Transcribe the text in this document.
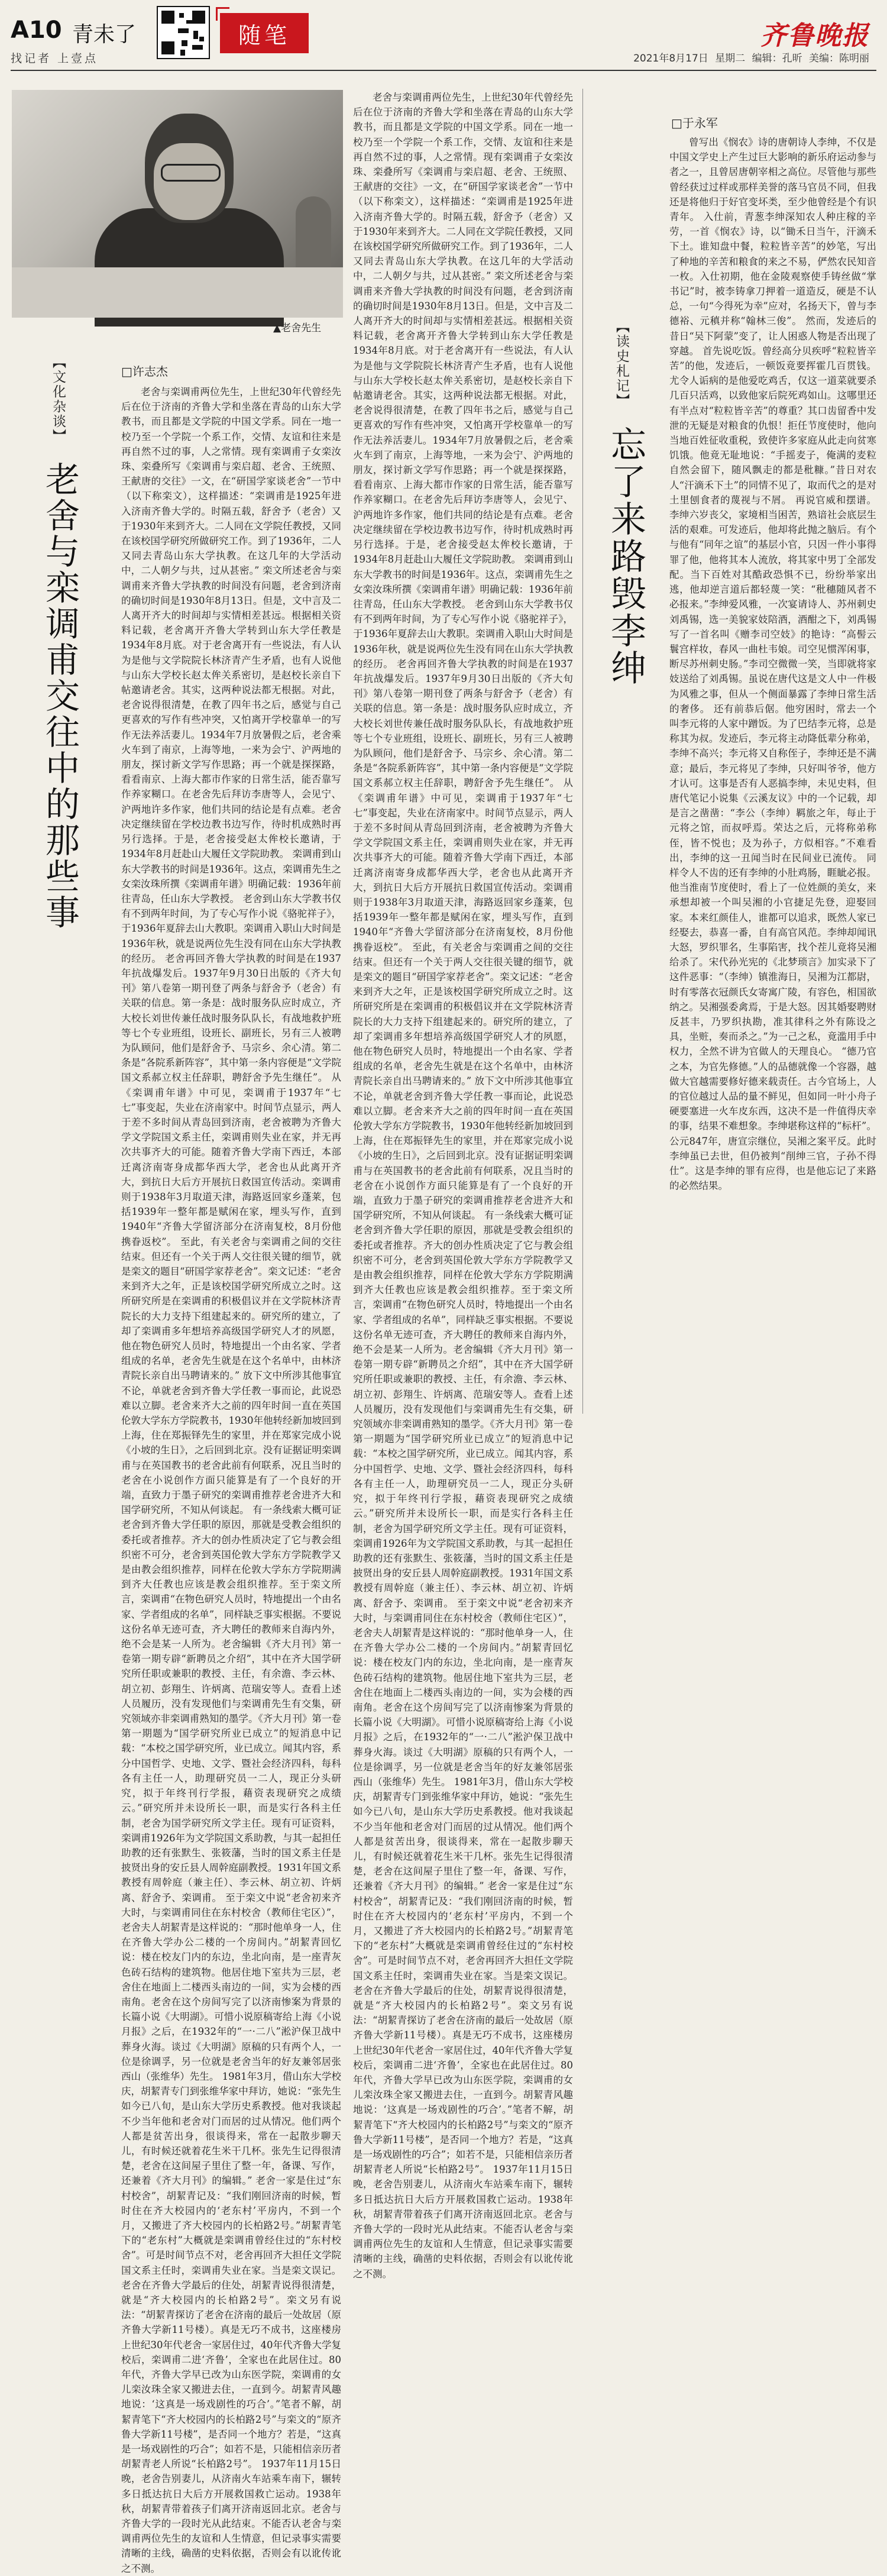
A10 青未了	随笔
找记者 上壹点
齐鲁晚报
2021年8月17日 星期二 编辑：孔昕 美编：陈明丽
▲老舍先生
【文化杂谈】
老舍与栾调甫交往中的那些事
□许志杰
老舍与栾调甫两位先生，上世纪30年代曾经先后在位于济南的齐鲁大学和坐落在青岛的山东大学教书，而且都是文学院的中国文学系。同在一地一校乃至一个学院一个系工作，交情、友谊和往来是再自然不过的事，人之常情。现有栾调甫子女栾汝珠、栾叠所写《栾调甫与栾启超、老舍、王统照、王献唐的交往》一文，在“研国学家谈老舍”一节中（以下称栾文），这样描述：“栾调甫是1925年进入济南齐鲁大学的。时隔五载，舒舍予（老舍）又于1930年来到齐大。二人同在文学院任教授，又同在该校国学研究所做研究工作。到了1936年，二人又同去青岛山东大学执教。在这几年的大学活动中，二人朝夕与共，过从甚密。” 栾文所述老舍与栾调甫来齐鲁大学执教的时间没有问题，老舍到济南的确切时间是1930年8月13日。但是，文中言及二人离开齐大的时间却与实情相差甚远。根据相关资料记载，老舍离开齐鲁大学转到山东大学任教是1934年8月底。对于老舍离开有一些说法，有人认为是他与文学院院长林济青产生矛盾，也有人说他与山东大学校长赵太侔关系密切，是赵校长亲自下帖邀请老舍。其实，这两种说法都无根据。对此，老舍说得很清楚，在教了四年书之后，感觉与自己更喜欢的写作有些冲突，又怕离开学校靠单一的写作无法养活妻儿。1934年7月放暑假之后，老舍乘火车到了南京，上海等地，一来为会宁、沪两地的朋友，探讨新文学写作思路；再一个就是探探路，看看南京、上海大都市作家的日常生活，能否靠写作养家糊口。在老舍先后拜访李唐等人，会见宁、沪两地许多作家，他们共同的结论是有点难。老舍决定继续留在学校边教书边写作，待时机成熟时再另行选择。于是，老舍接受赵太侔校长邀请，于1934年8月赶赴山大履任文学院助教。 栾调甫到山东大学教书的时间是1936年。这点，栾调甫先生之女栾汝珠所撰《栾调甫年谱》明确记载：1936年前往青岛，任山东大学教授。 老舍到山东大学教书仅有不到两年时间，为了专心写作小说《骆驼祥子》，于1936年夏辞去山大教职。栾调甫入职山大时间是1936年秋，就是说两位先生没有同在山东大学执教的经历。 老舍再回齐鲁大学执教的时间是在1937年抗战爆发后。1937年9月30日出版的《齐大旬刊》第八卷第一期刊登了两条与舒舍予（老舍）有关联的信息。第一条是：战时服务队应时成立，齐大校长刘世传兼任战时服务队队长，有战地救护班等七个专业班组，设班长、副班长，另有三人被聘为队顾问，他们是舒舍予、马宗乡、余心清。第二条是“各院系新阵容”，其中第一条内容便是“文学院国文系郝立权主任辞职，聘舒舍予先生继任”。 从《栾调甫年谱》中可见，栾调甫于1937年“七七”事变起，失业在济南家中。时间节点显示，两人于差不多时间从青岛回到济南，老舍被聘为齐鲁大学文学院国文系主任，栾调甫则失业在家，并无再次共事齐大的可能。随着齐鲁大学南下西迁，本部迁离济南寄身成都华西大学，老舍也从此离开齐大，到抗日大后方开展抗日救国宣传活动。栾调甫则于1938年3月取道天津，海路返回家乡蓬莱，包括1939年一整年都是赋闲在家，埋头写作，直到1940年“齐鲁大学留济部分在济南复校，8月份他携眷返校”。 至此，有关老舍与栾调甫之间的交往结束。但还有一个关于两人交往很关键的细节，就是栾文的题目“研国学家荐老舍”。栾文记述：“老舍来到齐大之年，正是该校国学研究所成立之时。这所研究所是在栾调甫的积极倡议并在文学院林济青院长的大力支持下组建起来的。研究所的建立，了却了栾调甫多年想培养高级国学研究人才的夙愿，他在物色研究人员时，特地提出一个由名家、学者组成的名单，老舍先生就是在这个名单中，由林济青院长亲自出马聘请来的。” 放下文中所涉其他事宜不论，单就老舍到齐鲁大学任教一事而论，此说恐难以立脚。老舍来齐大之前的四年时间一直在英国伦敦大学东方学院教书，1930年他转经新加坡回到上海，住在郑振铎先生的家里，并在郑家完成小说《小坡的生日》，之后回到北京。没有证据证明栾调甫与在英国教书的老舍此前有何联系，况且当时的老舍在小说创作方面只能算是有了一个良好的开端，直致力于墨子研究的栾调甫推荐老舍进齐大和国学研究所，不知从何谈起。 有一条线索大概可证老舍到齐鲁大学任职的原因，那就是受教会组织的委托或者推荐。齐大的创办性质决定了它与教会组织密不可分，老舍到英国伦敦大学东方学院教学又是由教会组织推荐，同样在伦敦大学东方学院期满到齐大任教也应该是教会组织推荐。至于栾文所言，栾调甫“在物色研究人员时，特地提出一个由名家、学者组成的名单”，同样缺乏事实根据。不要说这份名单无迹可查，齐大聘任的教师来自海内外，绝不会是某一人所为。老舍编辑《齐大月刊》第一卷第一期专辟“新聘员之介绍”，其中在齐大国学研究所任职或兼职的教授、主任，有余澹、李云林、胡立初、彭翔生、许炳离、范瑞安等人。查看上述人员履历，没有发现他们与栾调甫先生有交集，研究领域亦非栾调甫熟知的墨学。《齐大月刊》第一卷第一期题为“国学研究所业已成立”的短消息中记载：“本校之国学研究所，业已成立。闻其内容，系分中国哲学、史地、文学、暨社会经济四科，每科各有主任一人，助理研究员一二人，现正分头研究，拟于年终刊行学报，藉资表现研究之成绩云。”研究所并未设所长一职，而是实行各科主任制，老舍为国学研究所文学主任。现有可证资料，栾调甫1926年为文学院国文系助教，与其一起担任助教的还有张默生、张筱藩，当时的国文系主任是披贤出身的安丘县人周幹庭副教授。1931年国文系教授有周幹庭（兼主任）、李云林、胡立初、许炳离、舒舍予、栾调甫。 至于栾文中说“老舍初来齐大时，与栾调甫同住在东村校舍（教师住宅区）”，老舍夫人胡絜青是这样说的：“那时他单身一人，住在齐鲁大学办公二楼的一个房间内。”胡絜青回忆说：楼在校友门内的东边，坐北向南，是一座青灰色砖石结构的建筑物。他居住地下室共为三层，老舍住在地面上二楼西头南边的一间，实为会楼的西南角。老舍在这个房间写完了以济南惨案为背景的长篇小说《大明湖》。可惜小说原稿寄给上海《小说月报》之后，在1932年的“一·二八”淞沪保卫战中葬身火海。谈过《大明湖》原稿的只有两个人，一位是徐调孚，另一位就是老舍当年的好友兼邻居张西山（张维华）先生。 1981年3月，借山东大学校庆，胡絜青专门到张维华家中拜访，她说：“张先生如今已八旬，是山东大学历史系教授。他对我谈起不少当年他和老舍对门而居的过从情况。他们两个人都是贫苦出身，很谈得来，常在一起散步聊天儿，有时候还就着花生米干几杯。张先生记得很清楚，老舍在这间屋子里住了整一年，备课、写作，还兼着《齐大月刊》的编辑。” 老舍一家是住过“东村校舍”，胡絜青记及：“我们刚回济南的时候，暂时住在齐大校园内的‘老东村’平房内，不到一个月，又搬进了齐大校园内的长柏路2号。”胡絜青笔下的“老东村”大概就是栾调甫曾经住过的“东村校舍”。可是时间节点不对，老舍再回齐大担任文学院国文系主任时，栾调甫失业在家。当是栾文误记。 老舍在齐鲁大学最后的住处，胡絜青说得很清楚，就是“齐大校园内的长柏路2号”。栾文另有说法：“胡絜青探访了老舍在济南的最后一处故居（原齐鲁大学新11号楼）。真是无巧不成书，这座楼房上世纪30年代老舍一家居住过，40年代齐鲁大学复校后，栾调甫二进‘齐鲁’，全家也在此居住过。80年代，齐鲁大学早已改为山东医学院，栾调甫的女儿栾汝珠全家又搬进去住，一直到今。胡絜青风趣地说：‘这真是一场戏剧性的巧合’。”笔者不解，胡絜青笔下“齐大校园内的长柏路2号”与栾文的“原齐鲁大学新11号楼”，是否同一个地方？若是，“这真是一场戏剧性的巧合”；如若不是，只能相信亲历者胡絜青老人所说“长柏路2号”。 1937年11月15日晚，老舍告别妻儿，从济南火车站乘车南下，辗转多日抵达抗日大后方开展救国救亡运动。1938年秋，胡絜青带着孩子们离开济南返回北京。老舍与齐鲁大学的一段时光从此结束。不能否认老舍与栾调甫两位先生的友谊和人生情意，但记录事实需要清晰的主线，确凿的史料依据，否则会有以讹传讹之不测。
老舍与栾调甫两位先生，上世纪30年代曾经先后在位于济南的齐鲁大学和坐落在青岛的山东大学教书，而且都是文学院的中国文学系。同在一地一校乃至一个学院一个系工作，交情、友谊和往来是再自然不过的事，人之常情。现有栾调甫子女栾汝珠、栾叠所写《栾调甫与栾启超、老舍、王统照、王献唐的交往》一文，在“研国学家谈老舍”一节中（以下称栾文），这样描述：“栾调甫是1925年进入济南齐鲁大学的。时隔五载，舒舍予（老舍）又于1930年来到齐大。二人同在文学院任教授，又同在该校国学研究所做研究工作。到了1936年，二人又同去青岛山东大学执教。在这几年的大学活动中，二人朝夕与共，过从甚密。” 栾文所述老舍与栾调甫来齐鲁大学执教的时间没有问题，老舍到济南的确切时间是1930年8月13日。但是，文中言及二人离开齐大的时间却与实情相差甚远。根据相关资料记载，老舍离开齐鲁大学转到山东大学任教是1934年8月底。对于老舍离开有一些说法，有人认为是他与文学院院长林济青产生矛盾，也有人说他与山东大学校长赵太侔关系密切，是赵校长亲自下帖邀请老舍。其实，这两种说法都无根据。对此，老舍说得很清楚，在教了四年书之后，感觉与自己更喜欢的写作有些冲突，又怕离开学校靠单一的写作无法养活妻儿。1934年7月放暑假之后，老舍乘火车到了南京，上海等地，一来为会宁、沪两地的朋友，探讨新文学写作思路；再一个就是探探路，看看南京、上海大都市作家的日常生活，能否靠写作养家糊口。在老舍先后拜访李唐等人，会见宁、沪两地许多作家，他们共同的结论是有点难。老舍决定继续留在学校边教书边写作，待时机成熟时再另行选择。于是，老舍接受赵太侔校长邀请，于1934年8月赶赴山大履任文学院助教。 栾调甫到山东大学教书的时间是1936年。这点，栾调甫先生之女栾汝珠所撰《栾调甫年谱》明确记载：1936年前往青岛，任山东大学教授。 老舍到山东大学教书仅有不到两年时间，为了专心写作小说《骆驼祥子》，于1936年夏辞去山大教职。栾调甫入职山大时间是1936年秋，就是说两位先生没有同在山东大学执教的经历。 老舍再回齐鲁大学执教的时间是在1937年抗战爆发后。1937年9月30日出版的《齐大旬刊》第八卷第一期刊登了两条与舒舍予（老舍）有关联的信息。第一条是：战时服务队应时成立，齐大校长刘世传兼任战时服务队队长，有战地救护班等七个专业班组，设班长、副班长，另有三人被聘为队顾问，他们是舒舍予、马宗乡、余心清。第二条是“各院系新阵容”，其中第一条内容便是“文学院国文系郝立权主任辞职，聘舒舍予先生继任”。 从《栾调甫年谱》中可见，栾调甫于1937年“七七”事变起，失业在济南家中。时间节点显示，两人于差不多时间从青岛回到济南，老舍被聘为齐鲁大学文学院国文系主任，栾调甫则失业在家，并无再次共事齐大的可能。随着齐鲁大学南下西迁，本部迁离济南寄身成都华西大学，老舍也从此离开齐大，到抗日大后方开展抗日救国宣传活动。栾调甫则于1938年3月取道天津，海路返回家乡蓬莱，包括1939年一整年都是赋闲在家，埋头写作，直到1940年“齐鲁大学留济部分在济南复校，8月份他携眷返校”。 至此，有关老舍与栾调甫之间的交往结束。但还有一个关于两人交往很关键的细节，就是栾文的题目“研国学家荐老舍”。栾文记述：“老舍来到齐大之年，正是该校国学研究所成立之时。这所研究所是在栾调甫的积极倡议并在文学院林济青院长的大力支持下组建起来的。研究所的建立，了却了栾调甫多年想培养高级国学研究人才的夙愿，他在物色研究人员时，特地提出一个由名家、学者组成的名单，老舍先生就是在这个名单中，由林济青院长亲自出马聘请来的。” 放下文中所涉其他事宜不论，单就老舍到齐鲁大学任教一事而论，此说恐难以立脚。老舍来齐大之前的四年时间一直在英国伦敦大学东方学院教书，1930年他转经新加坡回到上海，住在郑振铎先生的家里，并在郑家完成小说《小坡的生日》，之后回到北京。没有证据证明栾调甫与在英国教书的老舍此前有何联系，况且当时的老舍在小说创作方面只能算是有了一个良好的开端，直致力于墨子研究的栾调甫推荐老舍进齐大和国学研究所，不知从何谈起。 有一条线索大概可证老舍到齐鲁大学任职的原因，那就是受教会组织的委托或者推荐。齐大的创办性质决定了它与教会组织密不可分，老舍到英国伦敦大学东方学院教学又是由教会组织推荐，同样在伦敦大学东方学院期满到齐大任教也应该是教会组织推荐。至于栾文所言，栾调甫“在物色研究人员时，特地提出一个由名家、学者组成的名单”，同样缺乏事实根据。不要说这份名单无迹可查，齐大聘任的教师来自海内外，绝不会是某一人所为。老舍编辑《齐大月刊》第一卷第一期专辟“新聘员之介绍”，其中在齐大国学研究所任职或兼职的教授、主任，有余澹、李云林、胡立初、彭翔生、许炳离、范瑞安等人。查看上述人员履历，没有发现他们与栾调甫先生有交集，研究领域亦非栾调甫熟知的墨学。《齐大月刊》第一卷第一期题为“国学研究所业已成立”的短消息中记载：“本校之国学研究所，业已成立。闻其内容，系分中国哲学、史地、文学、暨社会经济四科，每科各有主任一人，助理研究员一二人，现正分头研究，拟于年终刊行学报，藉资表现研究之成绩云。”研究所并未设所长一职，而是实行各科主任制，老舍为国学研究所文学主任。现有可证资料，栾调甫1926年为文学院国文系助教，与其一起担任助教的还有张默生、张筱藩，当时的国文系主任是披贤出身的安丘县人周幹庭副教授。1931年国文系教授有周幹庭（兼主任）、李云林、胡立初、许炳离、舒舍予、栾调甫。 至于栾文中说“老舍初来齐大时，与栾调甫同住在东村校舍（教师住宅区）”，老舍夫人胡絜青是这样说的：“那时他单身一人，住在齐鲁大学办公二楼的一个房间内。”胡絜青回忆说：楼在校友门内的东边，坐北向南，是一座青灰色砖石结构的建筑物。他居住地下室共为三层，老舍住在地面上二楼西头南边的一间，实为会楼的西南角。老舍在这个房间写完了以济南惨案为背景的长篇小说《大明湖》。可惜小说原稿寄给上海《小说月报》之后，在1932年的“一·二八”淞沪保卫战中葬身火海。谈过《大明湖》原稿的只有两个人，一位是徐调孚，另一位就是老舍当年的好友兼邻居张西山（张维华）先生。 1981年3月，借山东大学校庆，胡絜青专门到张维华家中拜访，她说：“张先生如今已八旬，是山东大学历史系教授。他对我谈起不少当年他和老舍对门而居的过从情况。他们两个人都是贫苦出身，很谈得来，常在一起散步聊天儿，有时候还就着花生米干几杯。张先生记得很清楚，老舍在这间屋子里住了整一年，备课、写作，还兼着《齐大月刊》的编辑。” 老舍一家是住过“东村校舍”，胡絜青记及：“我们刚回济南的时候，暂时住在齐大校园内的‘老东村’平房内，不到一个月，又搬进了齐大校园内的长柏路2号。”胡絜青笔下的“老东村”大概就是栾调甫曾经住过的“东村校舍”。可是时间节点不对，老舍再回齐大担任文学院国文系主任时，栾调甫失业在家。当是栾文误记。 老舍在齐鲁大学最后的住处，胡絜青说得很清楚，就是“齐大校园内的长柏路2号”。栾文另有说法：“胡絜青探访了老舍在济南的最后一处故居（原齐鲁大学新11号楼）。真是无巧不成书，这座楼房上世纪30年代老舍一家居住过，40年代齐鲁大学复校后，栾调甫二进‘齐鲁’，全家也在此居住过。80年代，齐鲁大学早已改为山东医学院，栾调甫的女儿栾汝珠全家又搬进去住，一直到今。胡絜青风趣地说：‘这真是一场戏剧性的巧合’。”笔者不解，胡絜青笔下“齐大校园内的长柏路2号”与栾文的“原齐鲁大学新11号楼”，是否同一个地方？若是，“这真是一场戏剧性的巧合”；如若不是，只能相信亲历者胡絜青老人所说“长柏路2号”。 1937年11月15日晚，老舍告别妻儿，从济南火车站乘车南下，辗转多日抵达抗日大后方开展救国救亡运动。1938年秋，胡絜青带着孩子们离开济南返回北京。老舍与齐鲁大学的一段时光从此结束。不能否认老舍与栾调甫两位先生的友谊和人生情意，但记录事实需要清晰的主线，确凿的史料依据，否则会有以讹传讹之不测。
□于永军
【读史札记】
忘了来路毁李绅
曾写出《悯农》诗的唐朝诗人李绅，不仅是中国文学史上产生过巨大影响的新乐府运动参与者之一，且曾居唐朝宰相之高位。尽管他与那些曾经获过过样或那样美誉的落马官员不同，但我还是将他归于好官变坏类，至少他曾经是个有识青年。 入仕前，青葱李绅深知农人种庄稼的辛劳，一首《悯农》诗，以“锄禾日当午，汗滴禾下土。谁知盘中餐，粒粒皆辛苦”的妙笔，写出了种地的辛苦和粮食的来之不易，俨然农民知音一枚。入仕初期，他在金陵观察使手铸丝做“掌书记”时，被李铸拿刀押着一道造反，硬是不认总，一句“今得死为幸”应对，名扬天下，曾与李德裕、元稹并称“翰林三俊”。 然而，发迹后的昔日“吴下阿蒙”变了，让人困惑人物是否出现了穿越。 首先说吃饭。曾经高分贝疾呼“粒粒皆辛苦”的他，发迹后，一顿饭竟要挥霍几百贯钱。尤令人诟病的是他爱吃鸡舌，仅这一道菜就要杀几百只活鸡，以致他家后院死鸡如山。这哪里还有半点对“粒粒皆辛苦”的尊重？其口齿留香中发泄的无疑是对粮食的仇恨！拒任节度使时，他向当地百姓征收重税，致使许多家庭从此走向贫寒饥饿。他竟无耻地说：“手摇麦子，俺满的麦粒自然会留下，随风飘走的都是秕糠。”昔日对农人“汗滴禾下土”的同情不见了，取而代之的是对土里刨食者的蔑视与不屑。 再说官威和摆谱。李绅六岁丧父，家境相当困苦，熟谙社会底层生活的艰难。可发迹后，他却将此抛之脑后。有个与他有“同年之谊”的基层小官，只因一件小事得罪了他，他将其本人流放，将其家中男丁全部发配。当下百姓对其酷政恐惧不已，纷纷举家出逃，他却逆言道后都轻蔑一笑：“秕穗随风者不必报来。”李绅爱风雅，一次宴请诗人、苏州刺史刘禹锡，选一美貌家妓陪酒，酒酣之下，刘禹锡写了一首名叫《赠李司空妓》的艳诗：“高髻云鬟宫样妆，春风一曲杜韦娘。司空见惯浑闲事，断尽苏州刺史肠。”李司空微微一笑，当即就将家妓送给了刘禹锡。虽说在唐代这是文人中一件极为风雅之事，但从一个侧面暴露了李绅日常生活的奢侈。 还有前恭后倨。他穷困时，常去一个叫李元将的人家中蹭饭。为了巴结李元将，总是称其为叔。发迹后，李元将主动降低辈分称弟，李绅不高兴；李元将又自称侄子，李绅还是不满意；最后，李元将见了李绅，只好叫爷爷，他方才认可。这事是否有人恶搞李绅，未见史料，但唐代笔记小说集《云溪友议》中的一个记载，却是言之凿凿：“李公（李绅）羁旅之年，每止于元将之馆，而叔呼焉。荣达之后，元将称弟称侄，皆不悦也；及为孙子，方似相容。”不难看出，李绅的这一丑闻当时在民间业已流传。 同样令人不齿的还有李绅的小肚鸡肠，睚眦必报。他当淮南节度使时，看上了一位姓颜的美女，来承想却被一个叫吴湘的小官捷足先登，迎娶回家。本来红颜佳人，谁都可以追求，既然人家已经娶去，恭喜一番，自有高官风范。李绅却闻讯大怒，罗织罪名，生事陷害，找个茬儿竟将吴湘给杀了。宋代孙光宪的《北梦琐言》加实录下了这件恶事：“（李绅）镇淮海日，吴湘为江都尉，时有零落衣冠颜氏女寄寓广陵，有容色，相国欲纳之。吴湘强委禽焉，于是大怒。因其婚娶聘财反甚丰，乃罗织执勘，准其律科之外有陈设之具，坐赃，奏而杀之。”为一己之私，竟滥用手中权力，全然不讲为官做人的天理良心。 “德乃官之本，为官先修德。”人的品德就像一个容器，越做大官越需要修好德来载责任。古今官场上，人的官位越过人品的量不鲜见，但如同一叶小舟子硬要塞进一火车皮东西，这决不是一件值得庆幸的事，结果不难想象。李绅堪称这样的“标杆”。公元847年，唐宣宗继位，吴湘之案平反。此时李绅虽已去世，但仍被判“削绅三官，子孙不得仕”。这是李绅的罪有应得，也是他忘记了来路的必然结果。
